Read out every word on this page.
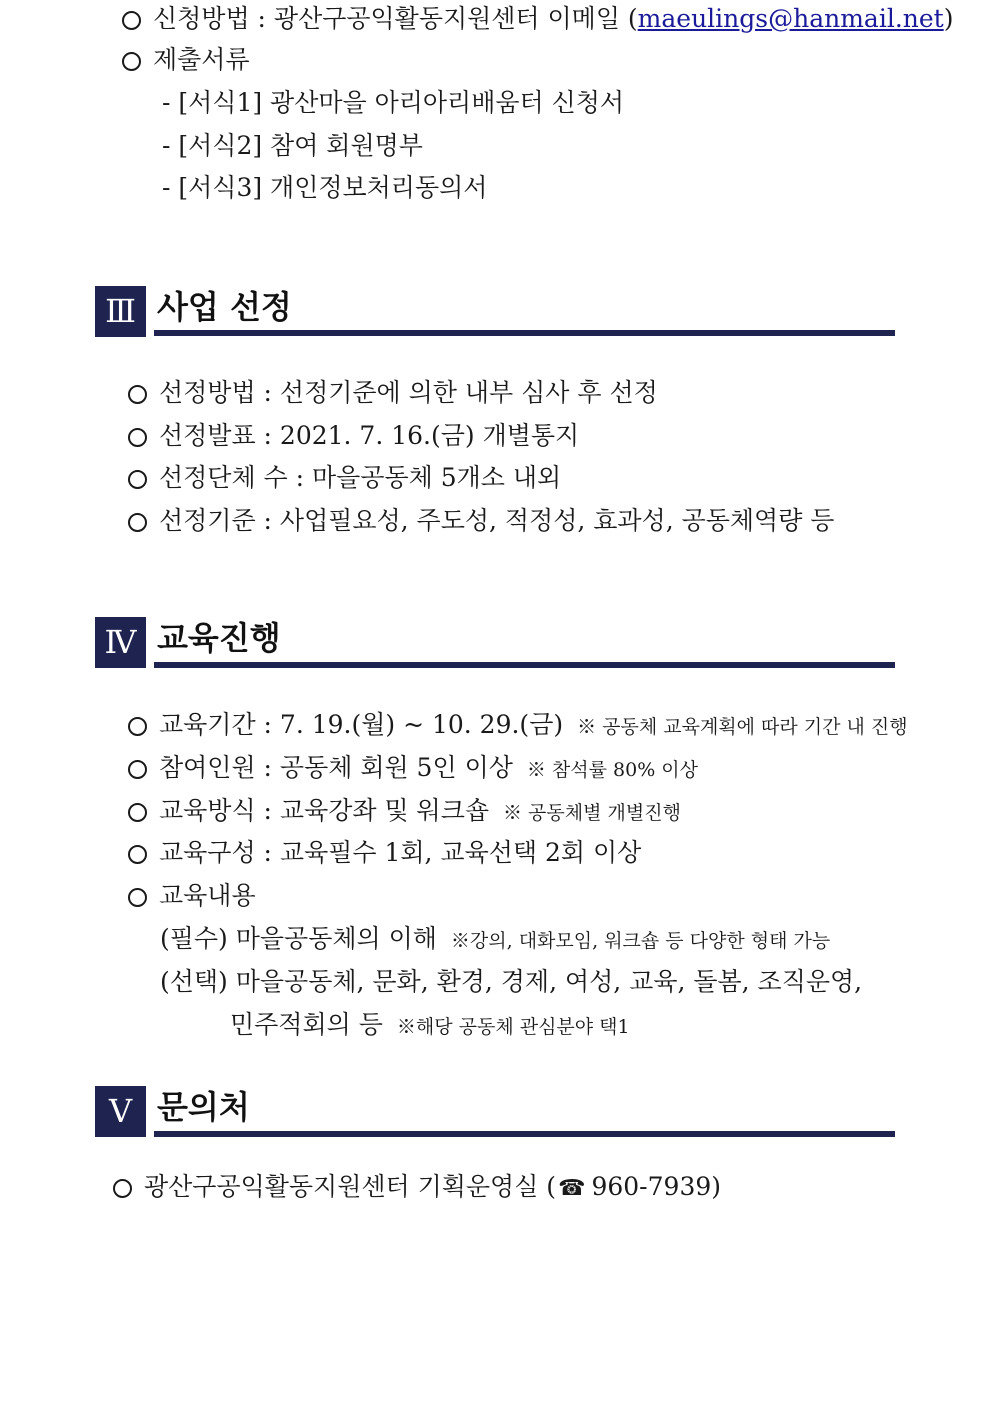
신청방법 : 광산구공익활동지원센터 이메일 (maeulings@hanmail.net)
제출서류
- [서식1] 광산마을 아리아리배움터 신청서
- [서식2] 참여 회원명부
- [서식3] 개인정보처리동의서
Ⅲ 사업 선정
선정방법 : 선정기준에 의한 내부 심사 후 선정
선정발표 : 2021. 7. 16.(금) 개별통지
선정단체 수 : 마을공동체 5개소 내외
선정기준 : 사업필요성, 주도성, 적정성, 효과성, 공동체역량 등
Ⅳ 교육진행
교육기간 : 7. 19.(월) ~ 10. 29.(금) ※ 공동체 교육계획에 따라 기간 내 진행
참여인원 : 공동체 회원 5인 이상 ※ 참석률 80% 이상
교육방식 : 교육강좌 및 워크숍 ※ 공동체별 개별진행
교육구성 : 교육필수 1회, 교육선택 2회 이상
교육내용
(필수) 마을공동체의 이해 ※강의, 대화모임, 워크숍 등 다양한 형태 가능
(선택) 마을공동체, 문화, 환경, 경제, 여성, 교육, 돌봄, 조직운영,
민주적회의 등 ※해당 공동체 관심분야 택1
Ⅴ 문의처
광산구공익활동지원센터 기획운영실 (☎ 960-7939)
